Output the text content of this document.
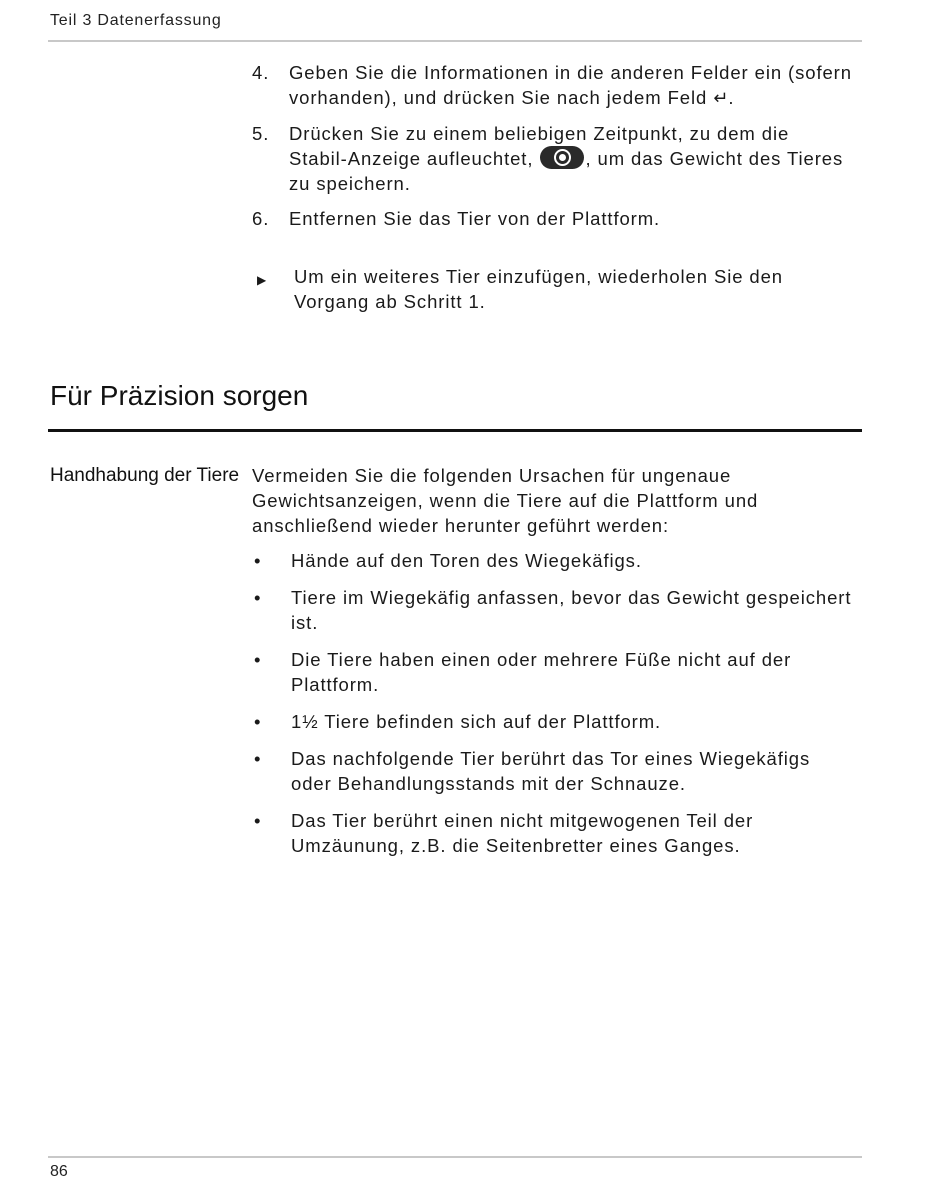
Teil 3 Datenerfassung
4.	Geben Sie die Informationen in die anderen Felder ein (sofern vorhanden), und drücken Sie nach jedem Feld ↵.
5.	Drücken Sie zu einem beliebigen Zeitpunkt, zu dem die Stabil-Anzeige aufleuchtet,
, um das Gewicht des Tieres zu speichern.
6.	Entfernen Sie das Tier von der Plattform.
▶	Um ein weiteres Tier einzufügen, wiederholen Sie den Vorgang ab Schritt 1.
Für Präzision sorgen
Handhabung der Tiere Vermeiden Sie die folgenden Ursachen für ungenaue Gewichtsanzeigen, wenn die Tiere auf die Plattform und anschließend wieder herunter geführt werden:
•	Hände auf den Toren des Wiegekäfigs.
•	Tiere im Wiegekäfig anfassen, bevor das Gewicht gespeichert ist.
•	Die Tiere haben einen oder mehrere Füße nicht auf der Plattform.
•	1½ Tiere befinden sich auf der Plattform.
•	Das nachfolgende Tier berührt das Tor eines Wiegekäfigs oder Behandlungsstands mit der Schnauze.
•	Das Tier berührt einen nicht mitgewogenen Teil der Umzäunung, z.B. die Seitenbretter eines Ganges.
86
